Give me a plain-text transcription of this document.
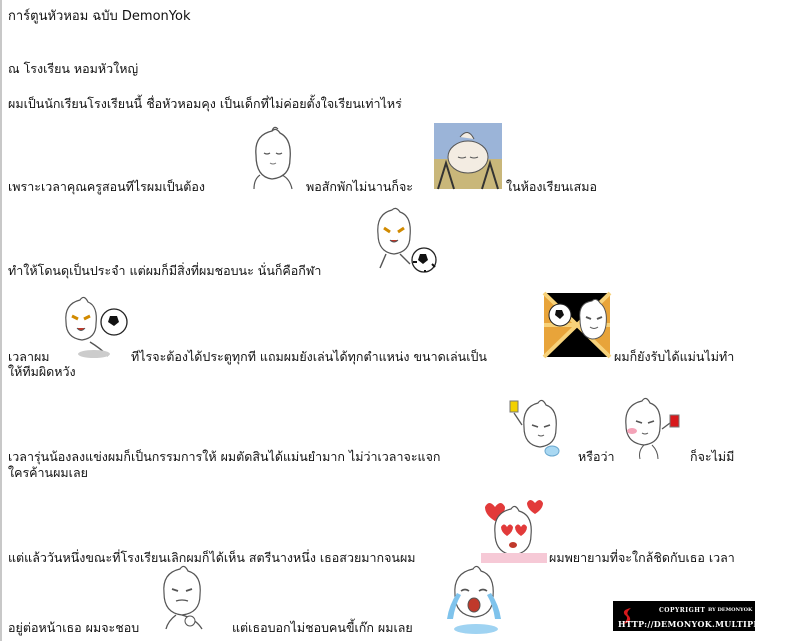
การ์ตูนหัวหอม ฉบับ DemonYok
ณ โรงเรียน หอมหัวใหญ่
ผมเป็นนักเรียนโรงเรียนนี้ ชื่อหัวหอมคุง เป็นเด็กที่ไม่ค่อยตั้งใจเรียนเท่าไหร่
เพราะเวลาคุณครูสอนทีไรผมเป็นต้อง	พอสักพักไม่นานก็จะ	ในห้องเรียนเสมอ
ทำให้โดนดุเป็นประจำ แต่ผมก็มีสิ่งที่ผมชอบนะ นั่นก็คือกีฬา
เวลาผม	ทีไรจะต้องได้ประตูทุกที แถมผมยังเล่นได้ทุกตำแหน่ง ขนาดเล่นเป็น	ผมก็ยังรับได้แม่นไม่ทำ
ให้ทีมผิดหวัง
เวลารุ่นน้องลงแข่งผมก็เป็นกรรมการให้ ผมตัดสินได้แม่นยำมาก ไม่ว่าเวลาจะแจก	หรือว่า	ก็จะไม่มี
ใครค้านผมเลย
แต่แล้ววันหนึ่งขณะที่โรงเรียนเลิกผมก็ได้เห็น สตรีนางหนึ่ง เธอสวยมากจนผม	ผมพยายามที่จะใกล้ชิดกับเธอ เวลา
อยู่ต่อหน้าเธอ ผมจะชอบ	แต่เธอบอกไม่ชอบคนขี้เก๊ก ผมเลย
COPYRIGHT BY DEMONYOK
HTTP://DEMONYOK.MULTIPLY.COM
